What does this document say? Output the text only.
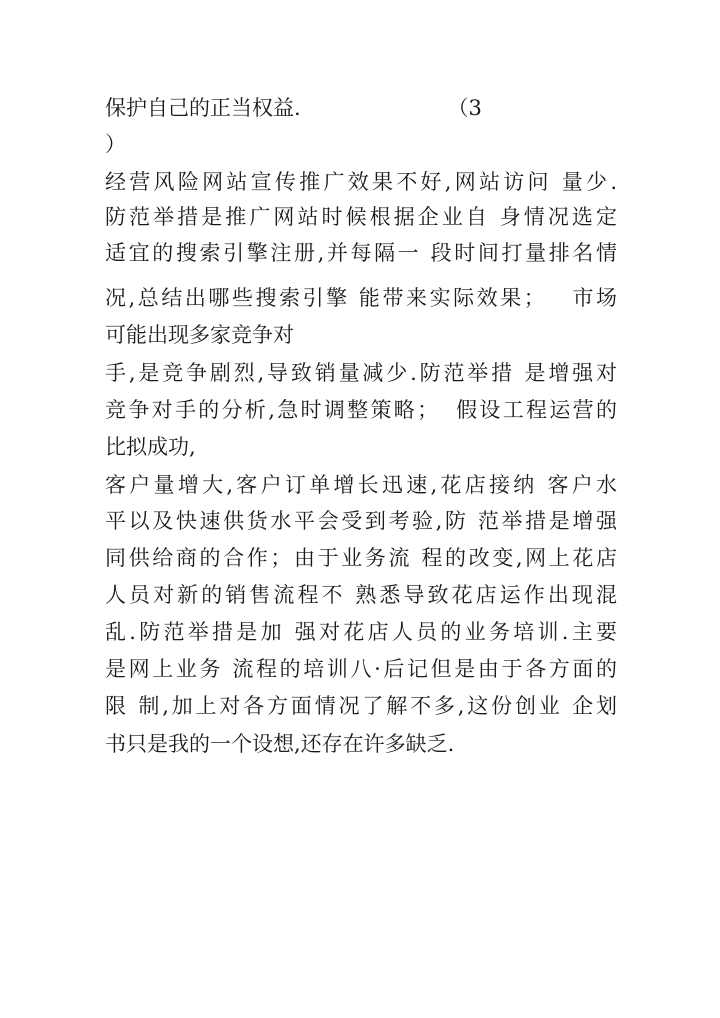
保护自己的正当权益.                      （3
）
经营风险网站宣传推广效果不好,网站访问 量少.
防范举措是推广网站时候根据企业自 身情况选定
适宜的搜索引擎注册,并每隔一 段时间打量排名情
况,总结出哪些搜索引擎 能带来实际效果；   市场
可能出现多家竞争对
手,是竞争剧烈,导致销量减少.防范举措 是增强对
竞争对手的分析,急时调整策略；  假设工程运营的
比拟成功,
客户量增大,客户订单增长迅速,花店接纳 客户水
平以及快速供货水平会受到考验,防 范举措是增强
同供给商的合作；由于业务流 程的改变,网上花店
人员对新的销售流程不 熟悉导致花店运作出现混
乱.防范举措是加 强对花店人员的业务培训.主要
是网上业务 流程的培训八·后记但是由于各方面的
限 制,加上对各方面情况了解不多,这份创业 企划
书只是我的一个设想,还存在许多缺乏.
